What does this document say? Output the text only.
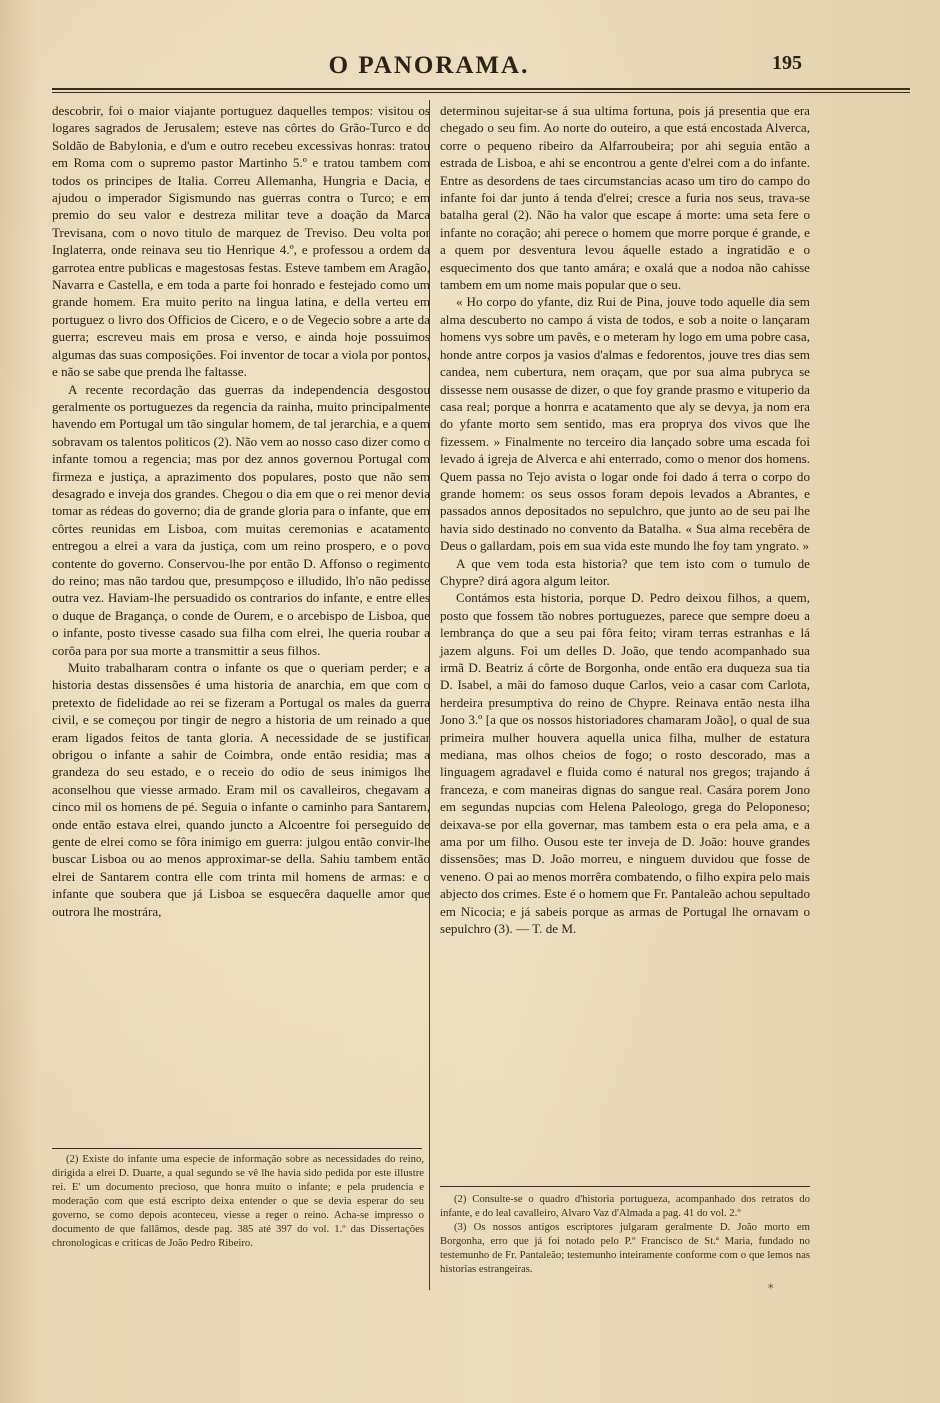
O PANORAMA.	195

descobrir, foi o maior viajante portuguez daquelles tempos: visitou os logares sagrados de Jerusalem; esteve nas côrtes do Grão-Turco e do Soldão de Babylonia, e d'um e outro recebeu excessivas honras: tratou em Roma com o supremo pastor Martinho 5.º e tratou tambem com todos os principes de Italia. Correu Allemanha, Hungria e Dacia, e ajudou o imperador Sigismundo nas guerras contra o Turco; e em premio do seu valor e destreza militar teve a doação da Marca Trevisana, com o novo titulo de marquez de Treviso. Deu volta por Inglaterra, onde reinava seu tio Henrique 4.º, e professou a ordem da garrotea entre publicas e magestosas festas. Esteve tambem em Aragão, Navarra e Castella, e em toda a parte foi honrado e festejado como um grande homem. Era muito perito na lingua latina, e della verteu em portuguez o livro dos Officios de Cicero, e o de Vegecio sobre a arte da guerra; escreveu mais em prosa e verso, e ainda hoje possuimos algumas das suas composições. Foi inventor de tocar a viola por pontos, e não se sabe que prenda lhe faltasse.

A recente recordação das guerras da independencia desgostou geralmente os portuguezes da regencia da rainha, muito principalmente havendo em Portugal um tão singular homem, de tal jerarchia, e a quem sobravam os talentos politicos (2). Não vem ao nosso caso dizer como o infante tomou a regencia; mas por dez annos governou Portugal com firmeza e justiça, a aprazimento dos populares, posto que não sem desagrado e inveja dos grandes. Chegou o dia em que o rei menor devia tomar as rédeas do governo; dia de grande gloria para o infante, que em côrtes reunidas em Lisboa, com muitas ceremonias e acatamento entregou a elrei a vara da justiça, com um reino prospero, e o povo contente do governo. Conservou-lhe por então D. Affonso o regimento do reino; mas não tardou que, presumpçoso e illudido, lh'o não pedisse outra vez. Haviam-lhe persuadido os contrarios do infante, e entre elles o duque de Bragança, o conde de Ourem, e o arcebispo de Lisboa, que o infante, posto tivesse casado sua filha com elrei, lhe queria roubar a corôa para por sua morte a transmittir a seus filhos.

Muito trabalharam contra o infante os que o queriam perder; e a historia destas dissensões é uma historia de anarchia, em que com o pretexto de fidelidade ao rei se fizeram a Portugal os males da guerra civil, e se começou por tingir de negro a historia de um reinado a que eram ligados feitos de tanta gloria. A necessidade de se justificar obrigou o infante a sahir de Coimbra, onde então residia; mas a grandeza do seu estado, e o receio do odio de seus inimigos lhe aconselhou que viesse armado. Eram mil os cavalleiros, chegavam a cinco mil os homens de pé. Seguia o infante o caminho para Santarem, onde então estava elrei, quando juncto a Alcoentre foi perseguido de gente de elrei como se fôra inimigo em guerra: julgou então convir-lhe buscar Lisboa ou ao menos approximar-se della. Sahiu tambem então elrei de Santarem contra elle com trinta mil homens de armas: e o infante que soubera que já Lisboa se esquecêra daquelle amor que outrora lhe mostrára,

determinou sujeitar-se á sua ultima fortuna, pois já presentia que era chegado o seu fim. Ao norte do outeiro, a que está encostada Alverca, corre o pequeno ribeiro da Alfarroubeira; por ahi seguia então a estrada de Lisboa, e ahi se encontrou a gente d'elrei com a do infante. Entre as desordens de taes circumstancias acaso um tiro do campo do infante foi dar junto á tenda d'elrei; cresce a furia nos seus, trava-se batalha geral (2). Não ha valor que escape á morte: uma seta fere o infante no coração; ahi perece o homem que morre porque é grande, e a quem por desventura levou áquelle estado a ingratidão e o esquecimento dos que tanto amára; e oxalá que a nodoa não cahisse tambem em um nome mais popular que o seu.

« Ho corpo do yfante, diz Rui de Pina, jouve todo aquelle dia sem alma descuberto no campo á vista de todos, e sob a noite o lançaram homens vys sobre um pavês, e o meteram hy logo em uma pobre casa, honde antre corpos ja vasios d'almas e fedorentos, jouve tres dias sem candea, nem cubertura, nem oraçam, que por sua alma pubryca se dissesse nem ousasse de dizer, o que foy grande prasmo e vituperio da casa real; porque a honrra e acatamento que aly se devya, ja nom era do yfante morto sem sentido, mas era proprya dos vivos que lhe fizessem. » Finalmente no terceiro dia lançado sobre uma escada foi levado á igreja de Alverca e ahi enterrado, como o menor dos homens. Quem passa no Tejo avista o logar onde foi dado á terra o corpo do grande homem: os seus ossos foram depois levados a Abrantes, e passados annos depositados no sepulchro, que junto ao de seu pai lhe havia sido destinado no convento da Batalha. « Sua alma recebêra de Deus o gallardam, pois em sua vida este mundo lhe foy tam yngrato. »

A que vem toda esta historia? que tem isto com o tumulo de Chypre? dirá agora algum leitor.

Contámos esta historia, porque D. Pedro deixou filhos, a quem, posto que fossem tão nobres portuguezes, parece que sempre doeu a lembrança do que a seu pai fôra feito; viram terras estranhas e lá jazem alguns. Foi um delles D. João, que tendo acompanhado sua irmã D. Beatriz á côrte de Borgonha, onde então era duqueza sua tia D. Isabel, a mãi do famoso duque Carlos, veio a casar com Carlota, herdeira presumptiva do reino de Chypre. Reinava então nesta ilha Jono 3.º [a que os nossos historiadores chamaram João], o qual de sua primeira mulher houvera aquella unica filha, mulher de estatura mediana, mas olhos cheios de fogo; o rosto descorado, mas a linguagem agradavel e fluida como é natural nos gregos; trajando á franceza, e com maneiras dignas do sangue real. Casára porem Jono em segundas nupcias com Helena Paleologo, grega do Peloponeso; deixava-se por ella governar, mas tambem esta o era pela ama, e a ama por um filho. Ousou este ter inveja de D. João: houve grandes dissensões; mas D. João morreu, e ninguem duvidou que fosse de veneno. O pai ao menos morrêra combatendo, o filho expira pelo mais abjecto dos crimes. Este é o homem que Fr. Pantaleão achou sepultado em Nicocia; e já sabeis porque as armas de Portugal lhe ornavam o sepulchro (3). — T. de M.

(2) Existe do infante uma especie de informação sobre as necessidades do reino, dirigida a elrei D. Duarte, a qual segundo se vê lhe havia sido pedida por este illustre rei. E' um documento precioso, que honra muito o infante; e pela prudencia e moderação com que está escripto deixa entender o que se devia esperar do seu governo, se como depois aconteceu, viesse a reger o reino. Acha-se impresso o documento de que fallâmos, desde pag. 385 até 397 do vol. 1.º das Dissertações chronologicas e criticas de João Pedro Ribeiro.

(2) Consulte-se o quadro d'historia portugueza, acompanhado dos retratos do infante, e do leal cavalleiro, Alvaro Vaz d'Almada a pag. 41 do vol. 2.º

(3) Os nossos antigos escriptores julgaram geralmente D. João morto em Borgonha, erro que já foi notado pelo P.º Francisco de St.ª Maria, fundado no testemunho de Fr. Pantaleão; testemunho inteiramente conforme com o que lemos nas historias estrangeiras.

*
